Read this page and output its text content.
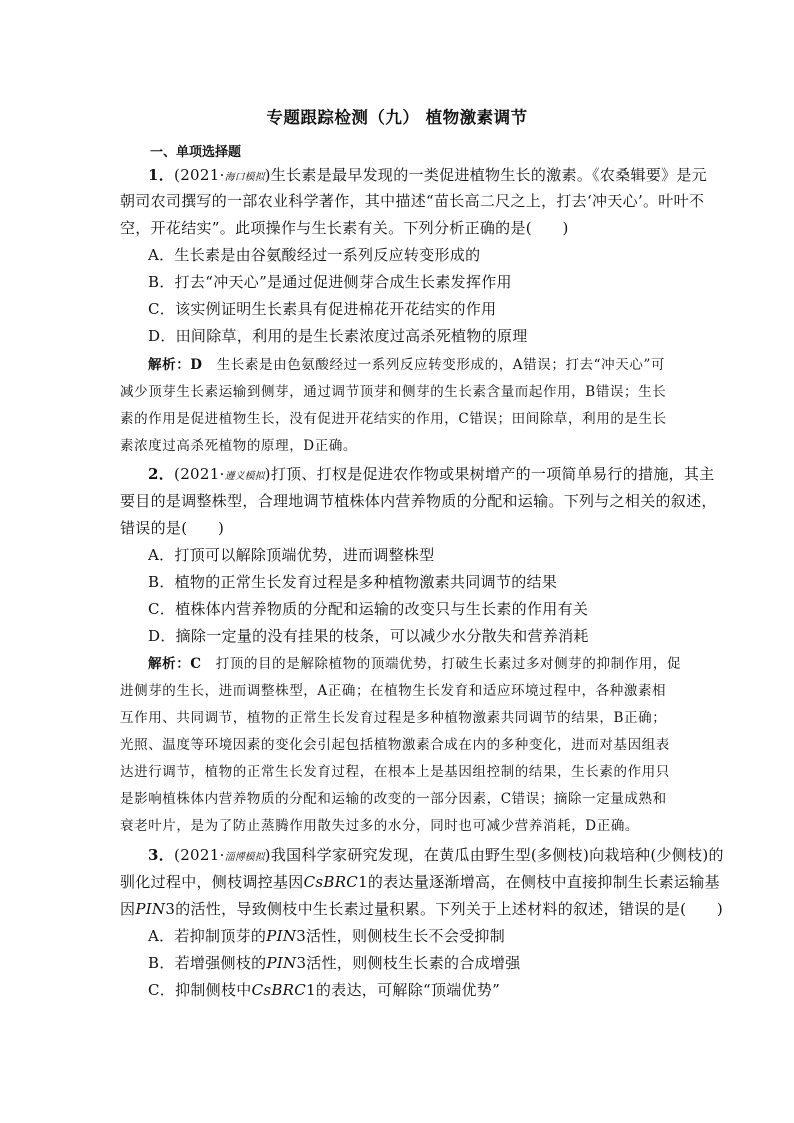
专题跟踪检测（九） 植物激素调节
一、单项选择题
1．(2021·海口模拟)生长素是最早发现的一类促进植物生长的激素。《农桑辑要》是元
朝司农司撰写的一部农业科学著作，其中描述“苗长高二尺之上，打去‘冲天心’。叶叶不
空，开花结实”。此项操作与生长素有关。下列分析正确的是(　　)
A．生长素是由谷氨酸经过一系列反应转变形成的
B．打去“冲天心”是通过促进侧芽合成生长素发挥作用
C．该实例证明生长素具有促进棉花开花结实的作用
D．田间除草，利用的是生长素浓度过高杀死植物的原理
解析：D　生长素是由色氨酸经过一系列反应转变形成的，A错误；打去“冲天心”可
减少顶芽生长素运输到侧芽，通过调节顶芽和侧芽的生长素含量而起作用，B错误；生长
素的作用是促进植物生长，没有促进开花结实的作用，C错误；田间除草，利用的是生长
素浓度过高杀死植物的原理，D正确。
2．(2021·遵义模拟)打顶、打杈是促进农作物或果树增产的一项简单易行的措施，其主
要目的是调整株型，合理地调节植株体内营养物质的分配和运输。下列与之相关的叙述，
错误的是(　　)
A．打顶可以解除顶端优势，进而调整株型
B．植物的正常生长发育过程是多种植物激素共同调节的结果
C．植株体内营养物质的分配和运输的改变只与生长素的作用有关
D．摘除一定量的没有挂果的枝条，可以减少水分散失和营养消耗
解析：C　打顶的目的是解除植物的顶端优势，打破生长素过多对侧芽的抑制作用，促
进侧芽的生长，进而调整株型，A正确；在植物生长发育和适应环境过程中，各种激素相
互作用、共同调节，植物的正常生长发育过程是多种植物激素共同调节的结果，B正确；
光照、温度等环境因素的变化会引起包括植物激素合成在内的多种变化，进而对基因组表
达进行调节，植物的正常生长发育过程，在根本上是基因组控制的结果，生长素的作用只
是影响植株体内营养物质的分配和运输的改变的一部分因素，C错误；摘除一定量成熟和
衰老叶片，是为了防止蒸腾作用散失过多的水分，同时也可减少营养消耗，D正确。
3．(2021·淄博模拟)我国科学家研究发现，在黄瓜由野生型(多侧枝)向栽培种(少侧枝)的
驯化过程中，侧枝调控基因CsBRC1的表达量逐渐增高，在侧枝中直接抑制生长素运输基
因PIN3的活性，导致侧枝中生长素过量积累。下列关于上述材料的叙述，错误的是(　　)
A．若抑制顶芽的PIN3活性，则侧枝生长不会受抑制
B．若增强侧枝的PIN3活性，则侧枝生长素的合成增强
C．抑制侧枝中CsBRC1的表达，可解除“顶端优势”
